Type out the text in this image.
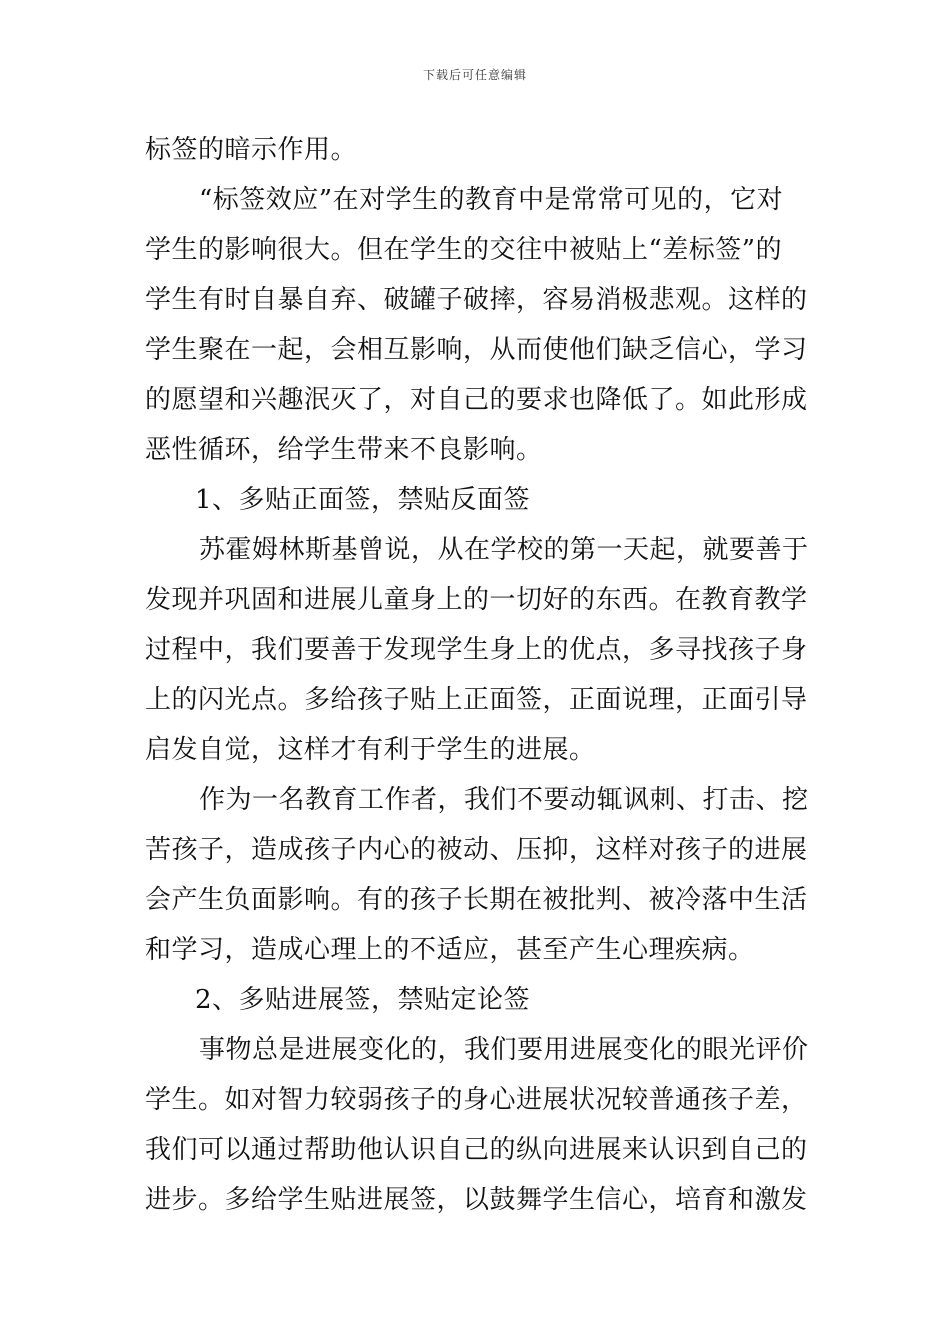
下载后可任意编辑
标签的暗示作用。
“标签效应”在对学生的教育中是常常可见的，它对
学生的影响很大。但在学生的交往中被贴上“差标签”的
学生有时自暴自弃、破罐子破摔，容易消极悲观。这样的
学生聚在一起，会相互影响，从而使他们缺乏信心，学习
的愿望和兴趣泯灭了，对自己的要求也降低了。如此形成
恶性循环，给学生带来不良影响。
1、多贴正面签，禁贴反面签
苏霍姆林斯基曾说，从在学校的第一天起，就要善于
发现并巩固和进展儿童身上的一切好的东西。在教育教学
过程中，我们要善于发现学生身上的优点，多寻找孩子身
上的闪光点。多给孩子贴上正面签，正面说理，正面引导
启发自觉，这样才有利于学生的进展。
作为一名教育工作者，我们不要动辄讽刺、打击、挖
苦孩子，造成孩子内心的被动、压抑，这样对孩子的进展
会产生负面影响。有的孩子长期在被批判、被冷落中生活
和学习，造成心理上的不适应，甚至产生心理疾病。
2、多贴进展签，禁贴定论签
事物总是进展变化的，我们要用进展变化的眼光评价
学生。如对智力较弱孩子的身心进展状况较普通孩子差，
我们可以通过帮助他认识自己的纵向进展来认识到自己的
进步。多给学生贴进展签，以鼓舞学生信心，培育和激发
